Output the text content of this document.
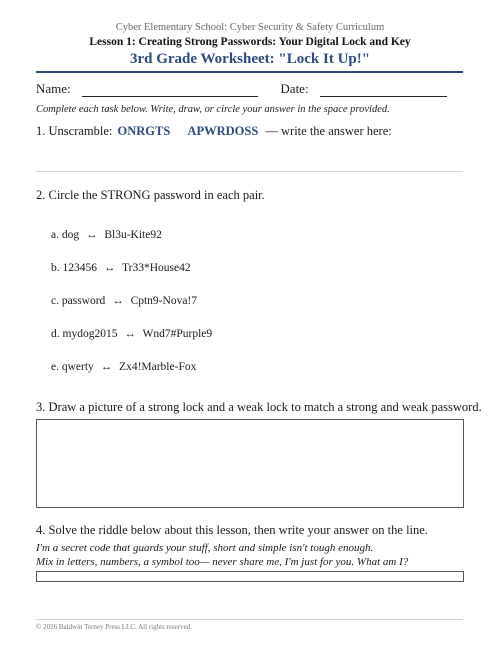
Cyber Elementary School: Cyber Security & Safety Curriculum
Lesson 1: Creating Strong Passwords: Your Digital Lock and Key
3rd Grade Worksheet: "Lock It Up!"
Name:	Date:
Complete each task below. Write, draw, or circle your answer in the space provided.
1. Unscramble: ONRGTS APWRDOSS — write the answer here:
2. Circle the STRONG password in each pair.
a. dog ↔ Bl3u-Kite92
b. 123456 ↔ Tr33*House42
c. password ↔ Cptn9-Nova!7
d. mydog2015 ↔ Wnd7#Purple9
e. qwerty ↔ Zx4!Marble-Fox
3. Draw a picture of a strong lock and a weak lock to match a strong and weak password.
4. Solve the riddle below about this lesson, then write your answer on the line.
I'm a secret code that guards your stuff, short and simple isn't tough enough.
Mix in letters, numbers, a symbol too— never share me, I'm just for you. What am I?
© 2026 Baldwin Terney Press LLC. All rights reserved.
